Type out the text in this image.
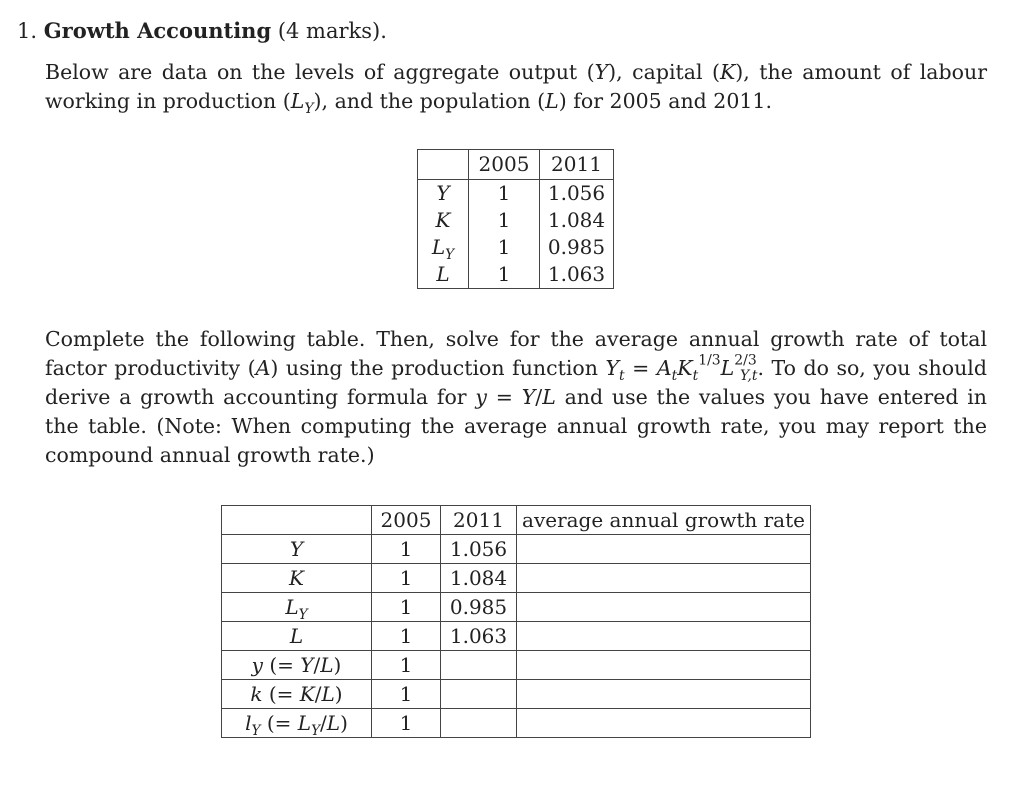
1. Growth Accounting (4 marks).
Below are data on the levels of aggregate output (Y), capital (K), the amount of labour working in production $(L_Y)$, and the population (L) for 2005 and 2011.
	2005	2011
Y	1	1.056
K	1	1.084
$L_Y$	1	0.985
L	1	1.063
Complete the following table. Then, solve for the average annual growth rate of total factor productivity (A) using the production function $Y_t = A_tK_t^{1/3}L^{2/3}_{Y,t}$. To do so, you should derive a growth accounting formula for y = Y/L and use the values you have entered in the table. (Note: When computing the average annual growth rate, you may report the compound annual growth rate.)
	2005	2011	average annual growth rate
Y	1	1.056	
K	1	1.084	
$L_Y$	1	0.985	
L	1	1.063	
y (= Y/L)	1		
k (= K/L)	1		
$l_Y$ (= $L_Y/L$)	1		
